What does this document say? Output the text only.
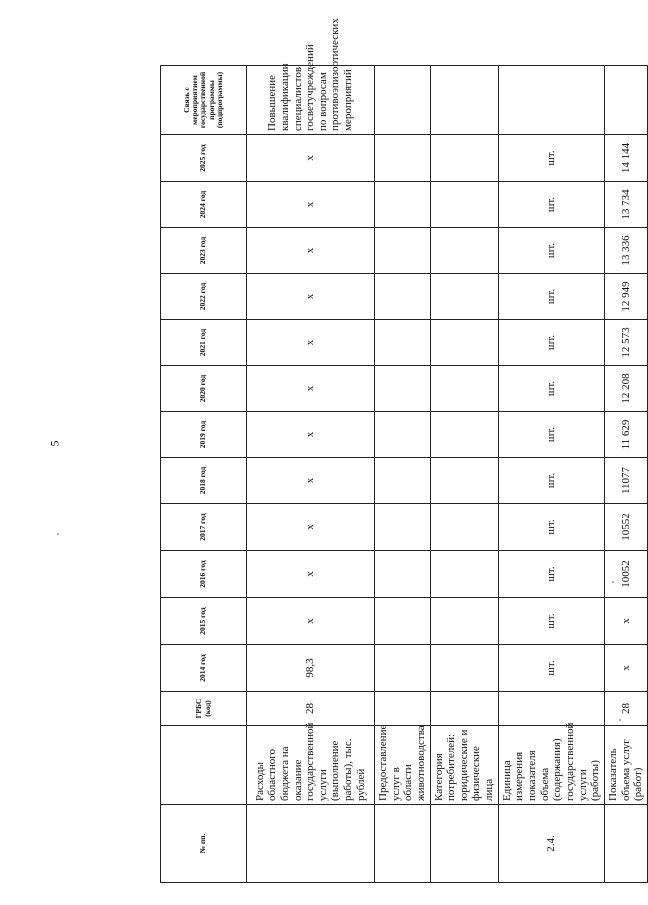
5
№ пп.		ГРБС (код)	2014 год	2015 год	2016 год	2017 год	2018 год	2019 год	2020 год	2021 год	2022 год	2023 год	2024 год	2025 год	Связь с мероприятием государственной программы (подпрограммы)
	Расходы областного бюджета на оказание государственной услуги (выполнение работы), тыс. рублей	28	98,3	х	х	х	х	х	х	х	х	х	х	х	Повышение квалификации специалистов госветучреждений по вопросам противоэпизоотических мероприятий
	Предоставление услуг в области животноводства														
	Категория потребителей: юридические и физические лица														
2.4.	Единица измерения показателя объема (содержания) государственной услуги (работы)		шт.	шт.	шт.	шт.	шт.	шт.	шт.	шт.	шт.	шт.	шт.	шт.	
	Показатель объема услуг (работ)	28	х	х	10052	10552	11077	11 629	12 208	12 573	12 949	13 336	13 734	14 144	
